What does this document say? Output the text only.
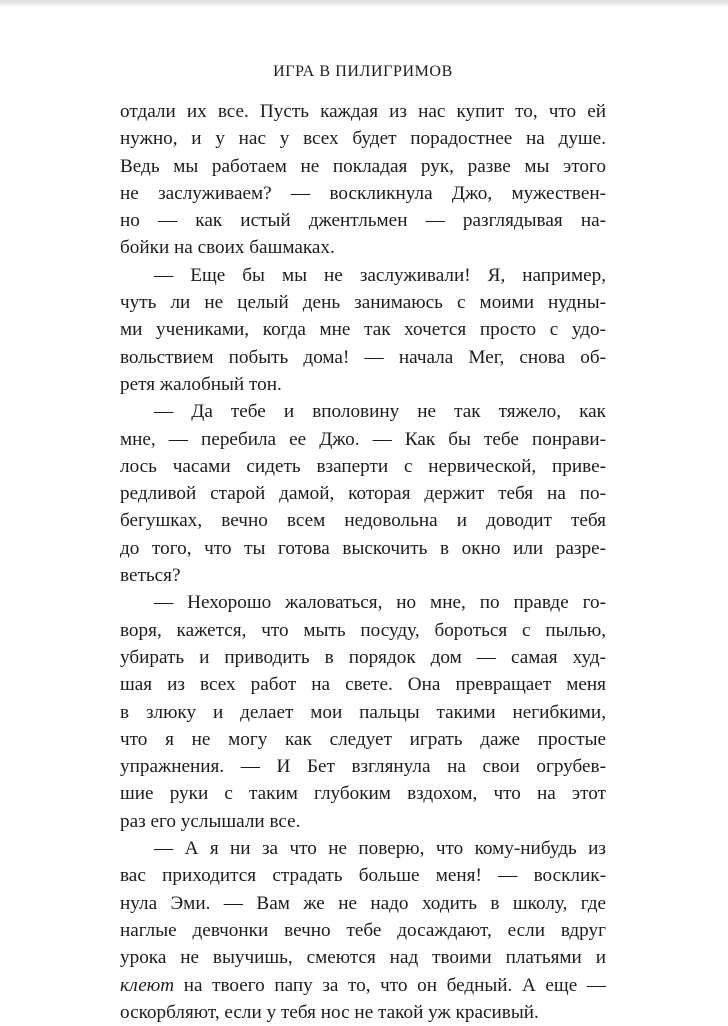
ИГРА В ПИЛИГРИМОВ
отдали их все. Пусть каждая из нас купит то, что ей
нужно, и у нас у всех будет порадостнее на душе.
Ведь мы работаем не покладая рук, разве мы этого
не заслуживаем? — воскликнула Джо, мужествен-
но — как истый джентльмен — разглядывая на-
бойки на своих башмаках.
— Еще бы мы не заслуживали! Я, например,
чуть ли не целый день занимаюсь с моими нудны-
ми учениками, когда мне так хочется просто с удо-
вольствием побыть дома! — начала Мег, снова об-
ретя жалобный тон.
— Да тебе и вполовину не так тяжело, как
мне, — перебила ее Джо. — Как бы тебе понрави-
лось часами сидеть взаперти с нервической, приве-
редливой старой дамой, которая держит тебя на по-
бегушках, вечно всем недовольна и доводит тебя
до того, что ты готова выскочить в окно или разре-
веться?
— Нехорошо жаловаться, но мне, по правде го-
воря, кажется, что мыть посуду, бороться с пылью,
убирать и приводить в порядок дом — самая худ-
шая из всех работ на свете. Она превращает меня
в злюку и делает мои пальцы такими негибкими,
что я не могу как следует играть даже простые
упражнения. — И Бет взглянула на свои огрубев-
шие руки с таким глубоким вздохом, что на этот
раз его услышали все.
— А я ни за что не поверю, что кому-нибудь из
вас приходится страдать больше меня! — восклик-
нула Эми. — Вам же не надо ходить в школу, где
наглые девчонки вечно тебе досаждают, если вдруг
урока не выучишь, смеются над твоими платьями и
клеют на твоего папу за то, что он бедный. А еще —
оскорбляют, если у тебя нос не такой уж красивый.
